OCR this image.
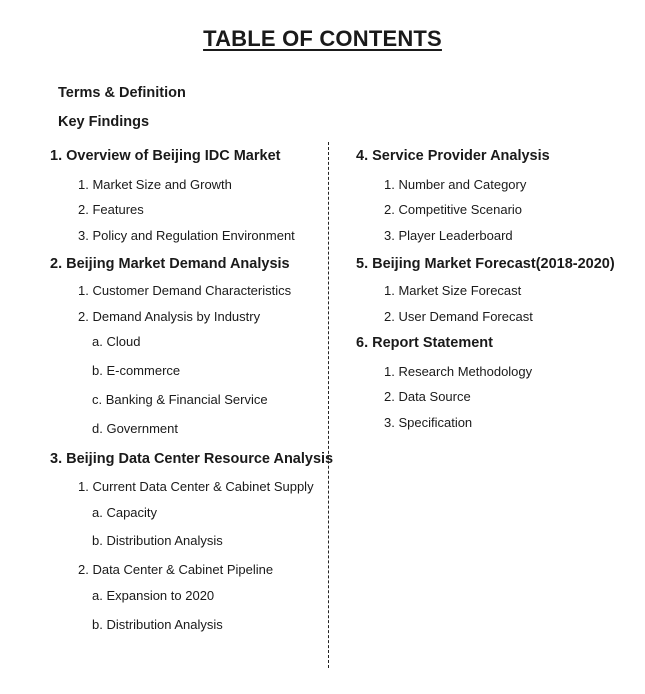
TABLE OF CONTENTS
Terms & Definition
Key Findings
1. Overview of Beijing IDC Market
1. Market Size and Growth
2. Features
3. Policy and Regulation Environment
2. Beijing Market Demand Analysis
1. Customer Demand Characteristics
2. Demand Analysis by Industry
a. Cloud
b. E-commerce
c. Banking & Financial Service
d. Government
3. Beijing Data Center Resource Analysis
1. Current Data Center & Cabinet Supply
a. Capacity
b. Distribution Analysis
2. Data Center & Cabinet Pipeline
a. Expansion to 2020
b. Distribution Analysis
4. Service Provider Analysis
1. Number and Category
2. Competitive Scenario
3. Player Leaderboard
5. Beijing Market Forecast(2018-2020)
1. Market Size Forecast
2. User Demand Forecast
6. Report Statement
1. Research Methodology
2. Data Source
3. Specification
